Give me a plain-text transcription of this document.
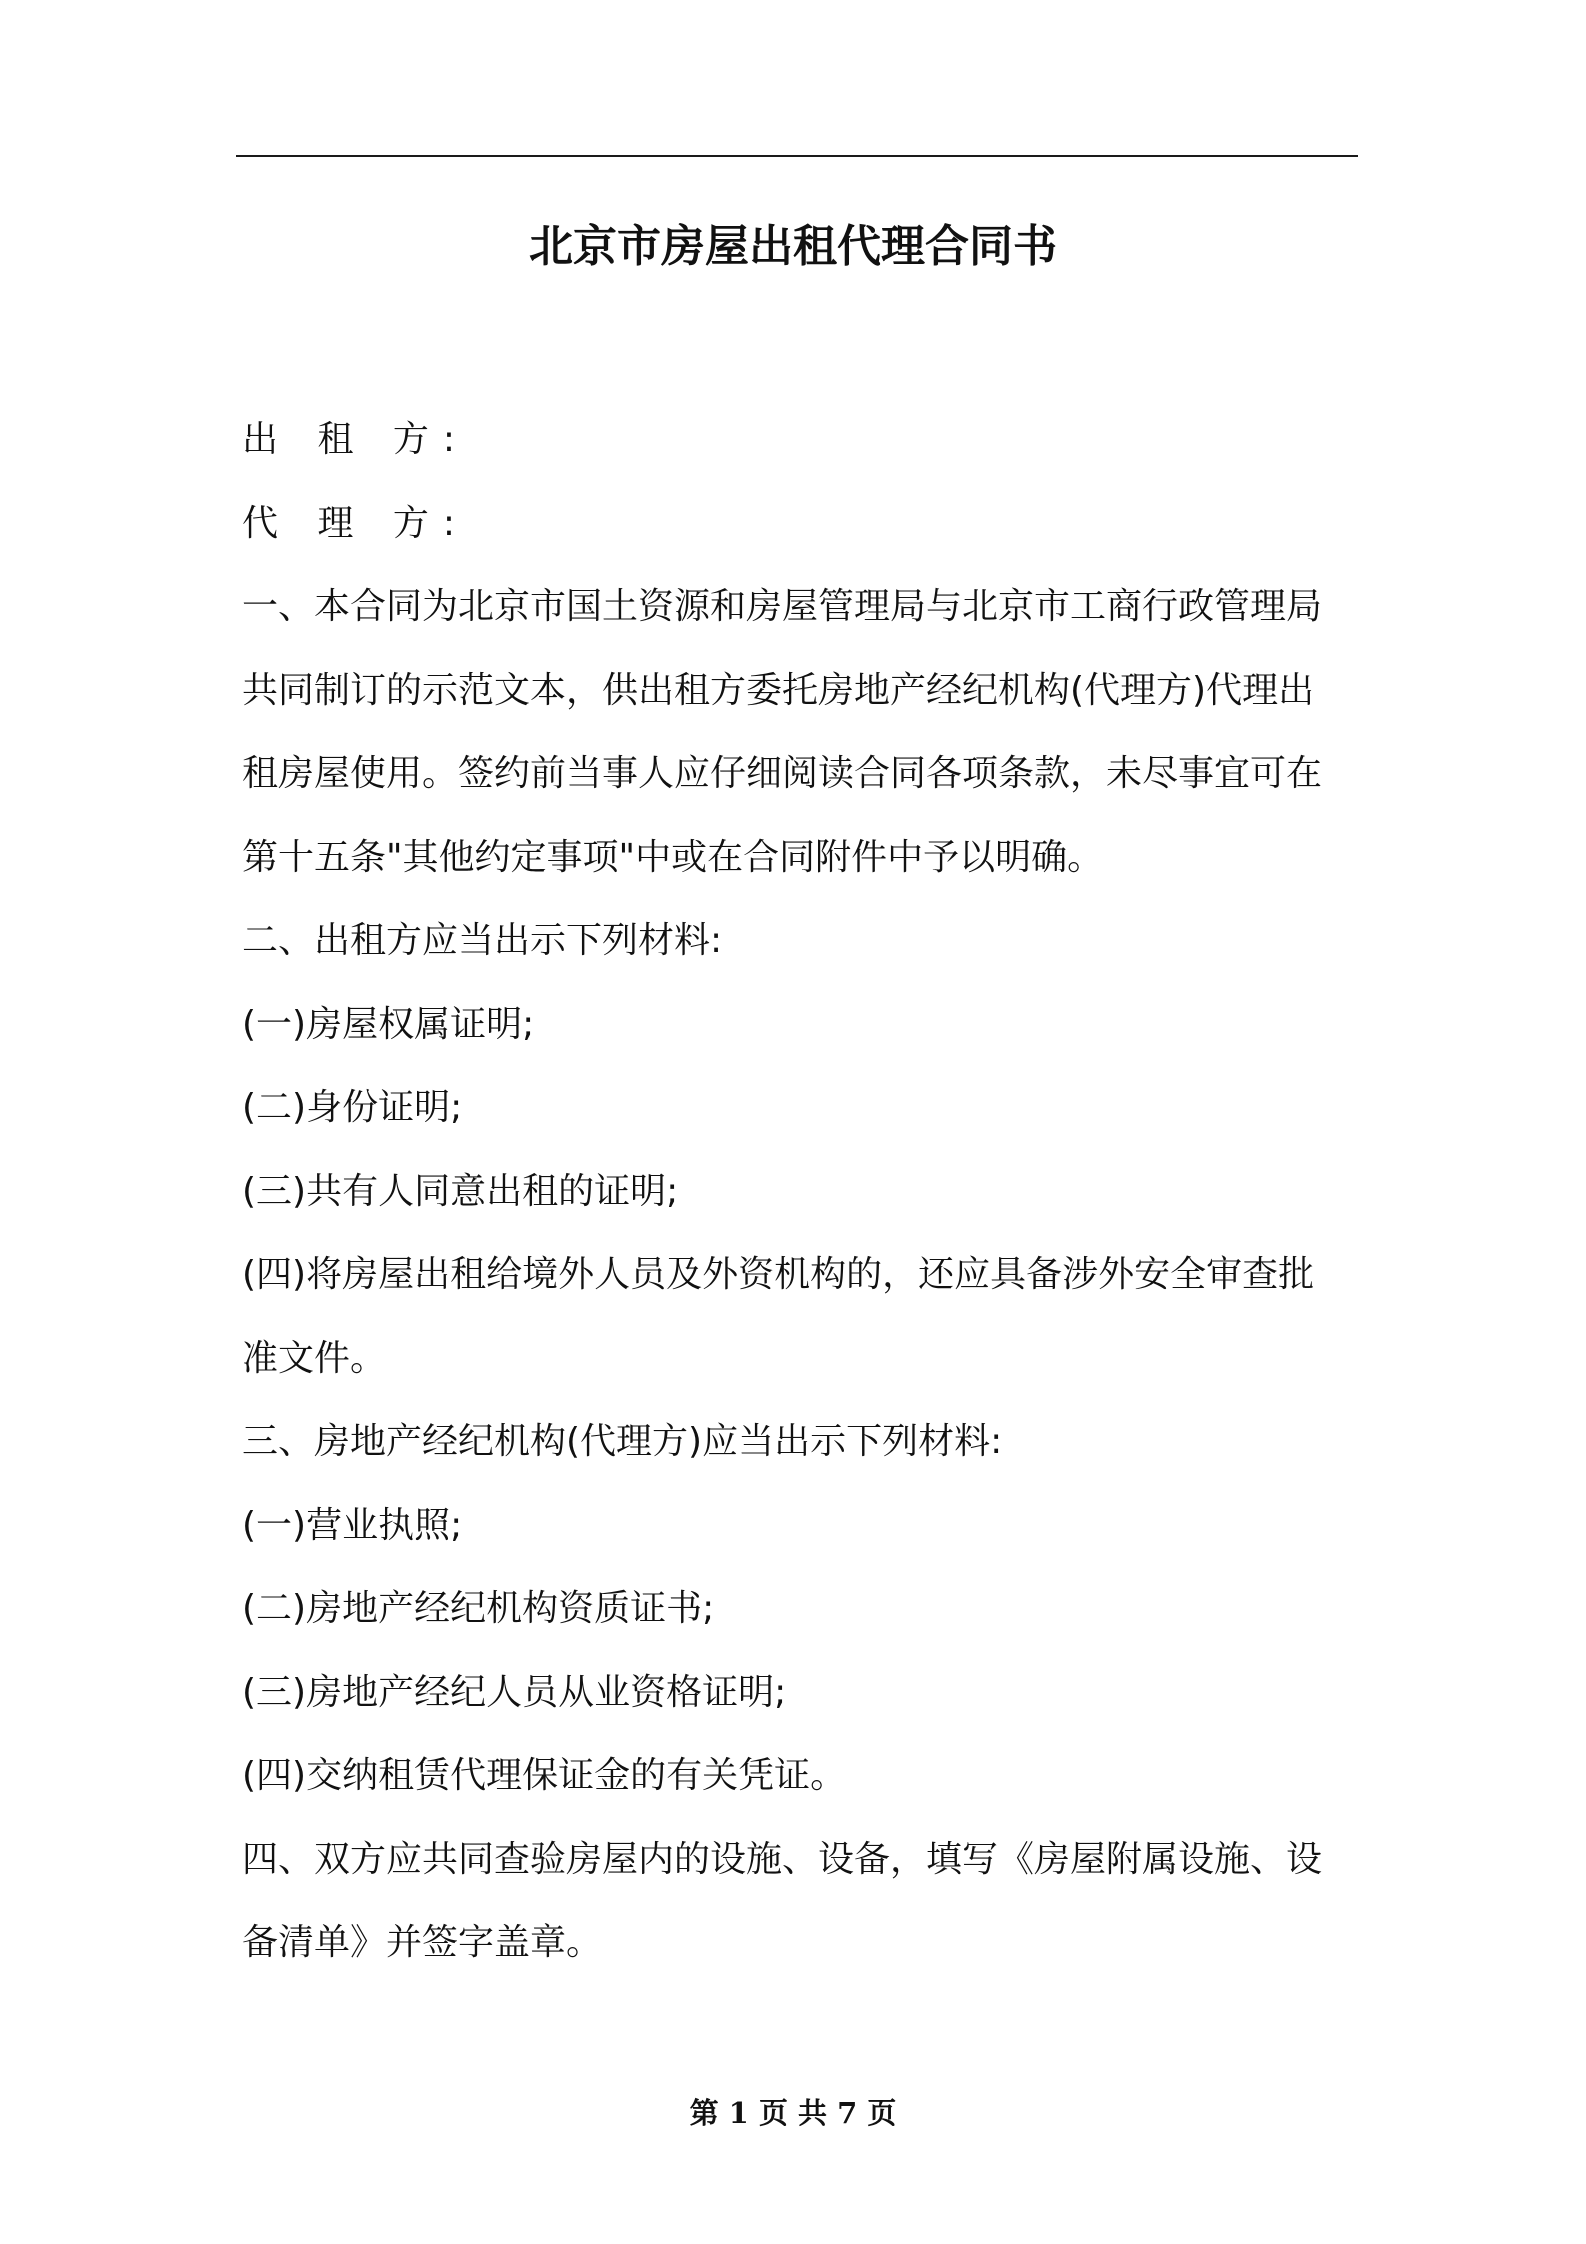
北京市房屋出租代理合同书
出 租 方:
代 理 方:
一、本合同为北京市国土资源和房屋管理局与北京市工商行政管理局
共同制订的示范文本，供出租方委托房地产经纪机构(代理方)代理出
租房屋使用。签约前当事人应仔细阅读合同各项条款，未尽事宜可在
第十五条"其他约定事项"中或在合同附件中予以明确。
二、出租方应当出示下列材料:
(一)房屋权属证明;
(二)身份证明;
(三)共有人同意出租的证明;
(四)将房屋出租给境外人员及外资机构的，还应具备涉外安全审查批
准文件。
三、房地产经纪机构(代理方)应当出示下列材料:
(一)营业执照;
(二)房地产经纪机构资质证书;
(三)房地产经纪人员从业资格证明;
(四)交纳租赁代理保证金的有关凭证。
四、双方应共同查验房屋内的设施、设备，填写《房屋附属设施、设
备清单》并签字盖章。
第 1 页 共 7 页
